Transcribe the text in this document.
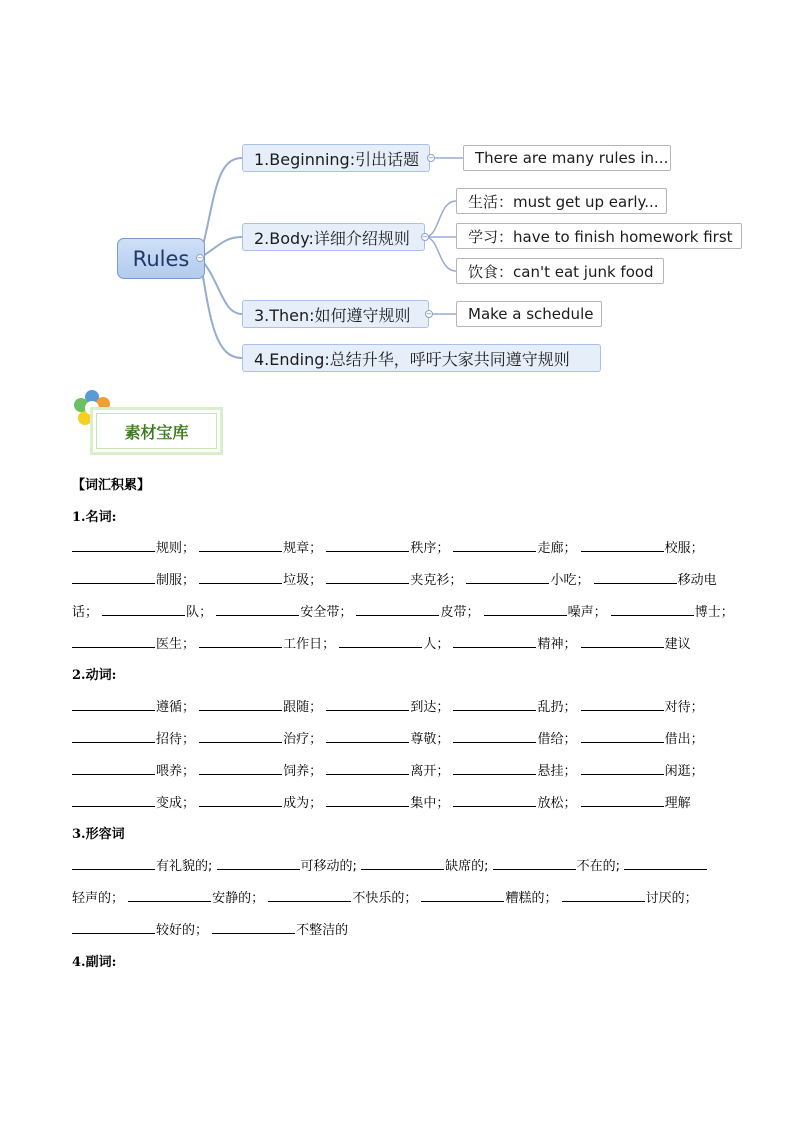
Rules −
1.Beginning:引出话题 −
2.Body:详细介绍规则 −
3.Then:如何遵守规则 −
4.Ending:总结升华，呼吁大家共同遵守规则
There are many rules in...
生活：must get up early...
学习：have to finish homework first
饮食：can't eat junk food
Make a schedule
素材宝库
【词汇积累】
1.名词:
规则；	规章；	秩序；	走廊；	校服；
制服；	垃圾；	夹克衫；	小吃；	移动电
话；	队；	安全带；	皮带；	噪声；	博士；
医生；	工作日；	人；	精神；	建议
2.动词:
遵循；	跟随；	到达；	乱扔；	对待；
招待；	治疗；	尊敬；	借给；	借出；
喂养；	饲养；	离开；	悬挂；	闲逛；
变成；	成为；	集中；	放松；	理解
3.形容词
有礼貌的;	可移动的;	缺席的;	不在的;
轻声的；	安静的；	不快乐的；	糟糕的；	讨厌的；
较好的；	不整洁的
4.副词:
